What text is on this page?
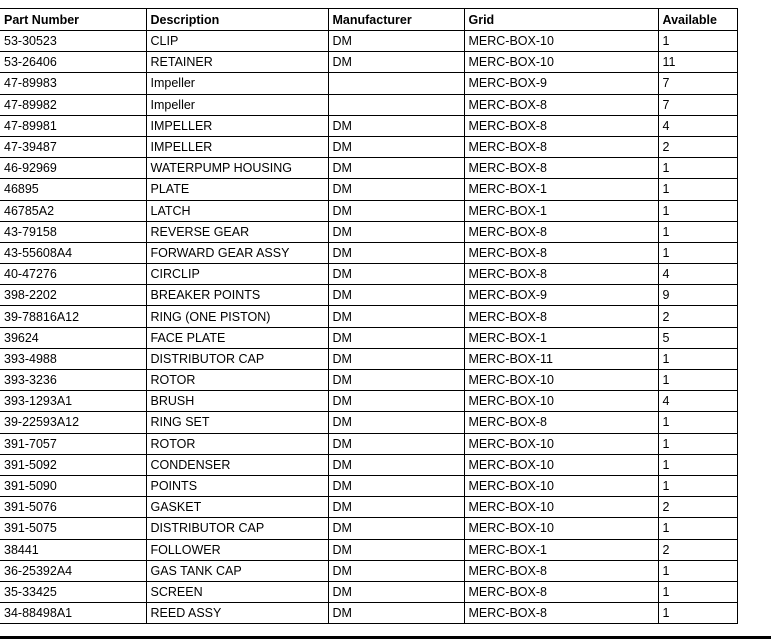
Part Number	Description	Manufacturer	Grid	Available
53-30523	CLIP	DM	MERC-BOX-10	1
53-26406	RETAINER	DM	MERC-BOX-10	11
47-89983	Impeller		MERC-BOX-9	7
47-89982	Impeller		MERC-BOX-8	7
47-89981	IMPELLER	DM	MERC-BOX-8	4
47-39487	IMPELLER	DM	MERC-BOX-8	2
46-92969	WATERPUMP HOUSING	DM	MERC-BOX-8	1
46895	PLATE	DM	MERC-BOX-1	1
46785A2	LATCH	DM	MERC-BOX-1	1
43-79158	REVERSE GEAR	DM	MERC-BOX-8	1
43-55608A4	FORWARD GEAR ASSY	DM	MERC-BOX-8	1
40-47276	CIRCLIP	DM	MERC-BOX-8	4
398-2202	BREAKER POINTS	DM	MERC-BOX-9	9
39-78816A12	RING (ONE PISTON)	DM	MERC-BOX-8	2
39624	FACE PLATE	DM	MERC-BOX-1	5
393-4988	DISTRIBUTOR CAP	DM	MERC-BOX-11	1
393-3236	ROTOR	DM	MERC-BOX-10	1
393-1293A1	BRUSH	DM	MERC-BOX-10	4
39-22593A12	RING SET	DM	MERC-BOX-8	1
391-7057	ROTOR	DM	MERC-BOX-10	1
391-5092	CONDENSER	DM	MERC-BOX-10	1
391-5090	POINTS	DM	MERC-BOX-10	1
391-5076	GASKET	DM	MERC-BOX-10	2
391-5075	DISTRIBUTOR CAP	DM	MERC-BOX-10	1
38441	FOLLOWER	DM	MERC-BOX-1	2
36-25392A4	GAS TANK CAP	DM	MERC-BOX-8	1
35-33425	SCREEN	DM	MERC-BOX-8	1
34-88498A1	REED ASSY	DM	MERC-BOX-8	1
